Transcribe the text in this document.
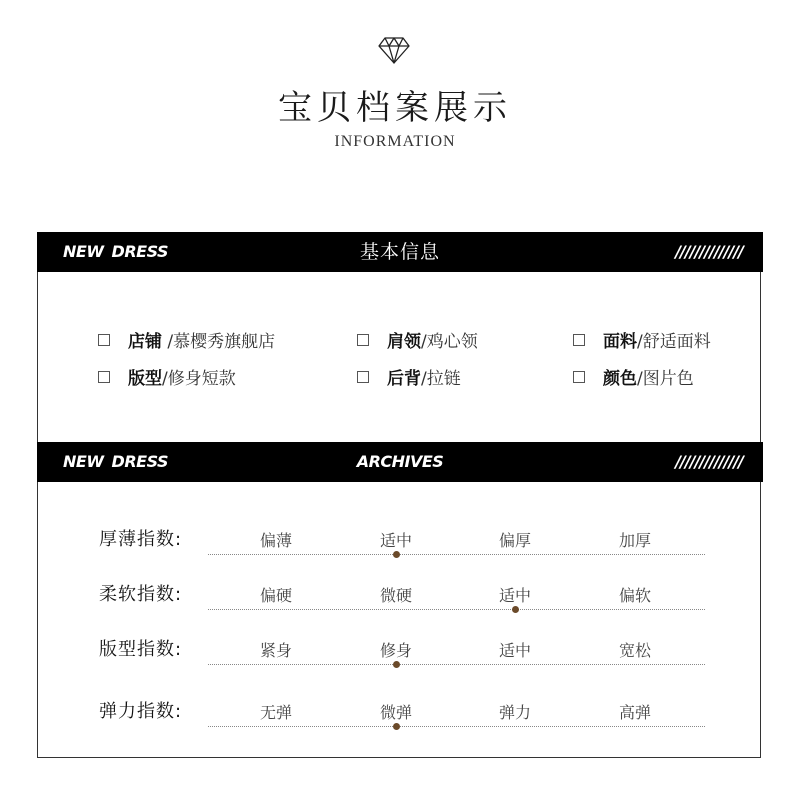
宝贝档案展示
INFORMATION
NEW DRESS	基本信息	//////////////
店铺 /慕樱秀旗舰店	肩领/鸡心领	面料/舒适面料
版型/修身短款	后背/拉链	颜色/图片色
NEW DRESS	ARCHIVES	//////////////
厚薄指数:	偏薄	适中	偏厚	加厚
柔软指数:	偏硬	微硬	适中	偏软
版型指数:	紧身	修身	适中	宽松
弹力指数:	无弹	微弹	弹力	高弹
